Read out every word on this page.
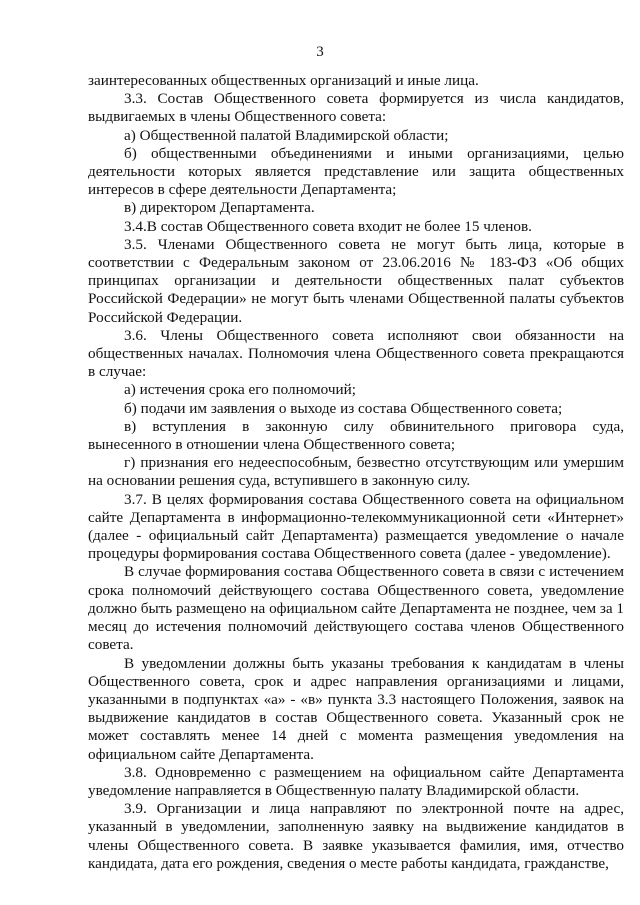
3

заинтересованных общественных организаций и иные лица.

3.3. Состав Общественного совета формируется из числа кандидатов, выдвигаемых в члены Общественного совета:

а) Общественной палатой Владимирской области;

б) общественными объединениями и иными организациями, целью деятельности которых является представление или защита общественных интересов в сфере деятельности Департамента;

в) директором Департамента.

3.4.В состав Общественного совета входит не более 15 членов.

3.5. Членами Общественного совета не могут быть лица, которые в соответствии с Федеральным законом от 23.06.2016 № 183-ФЗ «Об общих принципах организации и деятельности общественных палат субъектов Российской Федерации» не могут быть членами Общественной палаты субъектов Российской Федерации.

3.6. Члены Общественного совета исполняют свои обязанности на общественных началах. Полномочия члена Общественного совета прекращаются в случае:

а) истечения срока его полномочий;

б) подачи им заявления о выходе из состава Общественного совета;

в) вступления в законную силу обвинительного приговора суда, вынесенного в отношении члена Общественного совета;

г) признания его недееспособным, безвестно отсутствующим или умершим на основании решения суда, вступившего в законную силу.

3.7. В целях формирования состава Общественного совета на официальном сайте Департамента в информационно-телекоммуникационной сети «Интернет» (далее - официальный сайт Департамента) размещается уведомление о начале процедуры формирования состава Общественного совета (далее - уведомление).

В случае формирования состава Общественного совета в связи с истечением срока полномочий действующего состава Общественного совета, уведомление должно быть размещено на официальном сайте Департамента не позднее, чем за 1 месяц до истечения полномочий действующего состава членов Общественного совета.

В уведомлении должны быть указаны требования к кандидатам в члены Общественного совета, срок и адрес направления организациями и лицами, указанными в подпунктах «а» - «в» пункта 3.3 настоящего Положения, заявок на выдвижение кандидатов в состав Общественного совета. Указанный срок не может составлять менее 14 дней с момента размещения уведомления на официальном сайте Департамента.

3.8. Одновременно с размещением на официальном сайте Департамента уведомление направляется в Общественную палату Владимирской области.

3.9. Организации и лица направляют по электронной почте на адрес, указанный в уведомлении, заполненную заявку на выдвижение кандидатов в члены Общественного совета. В заявке указывается фамилия, имя, отчество кандидата, дата его рождения, сведения о месте работы кандидата, гражданстве,
